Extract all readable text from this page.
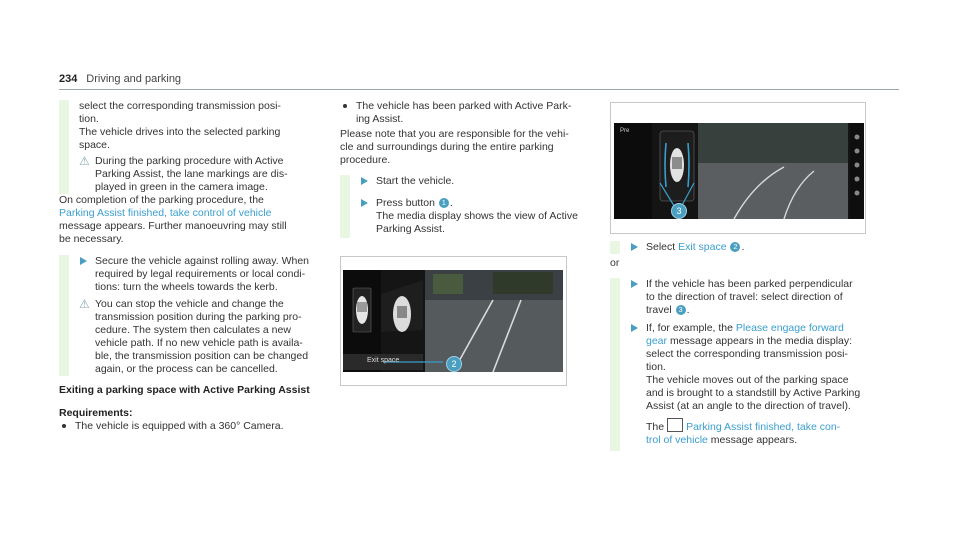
234 Driving and parking

select the corresponding transmission posi-
tion.

The vehicle drives into the selected parking
space.

⚠ During the parking procedure with Active
Parking Assist, the lane markings are dis-
played in green in the camera image.

On completion of the parking procedure, the
Parking Assist finished, take control of vehicle
message appears. Further manoeuvring may still
be necessary.

Secure the vehicle against rolling away. When
required by legal requirements or local condi-
tions: turn the wheels towards the kerb.

⚠ You can stop the vehicle and change the
transmission position during the parking pro-
cedure. The system then calculates a new
vehicle path. If no new vehicle path is availa-
ble, the transmission position can be changed
again, or the process can be cancelled.

Exiting a parking space with Active Parking Assist
Requirements:

The vehicle is equipped with a 360° Camera.

The vehicle has been parked with Active Park-
ing Assist.

Please note that you are responsible for the vehi-
cle and surroundings during the entire parking
procedure.

Start the vehicle.

Press button 1 .

The media display shows the view of Active
Parking Assist.

Exit space	2
Pre
3

Select Exit space 2 .

or

If the vehicle has been parked perpendicular
to the direction of travel: select direction of
travel 3 .

If, for example, the Please engage forward
gear message appears in the media display:
select the corresponding transmission posi-
tion.
The vehicle moves out of the parking space
and is brought to a standstill by Active Parking
Assist (at an angle to the direction of travel).

The Parking Assist finished, take con-
trol of vehicle message appears.
